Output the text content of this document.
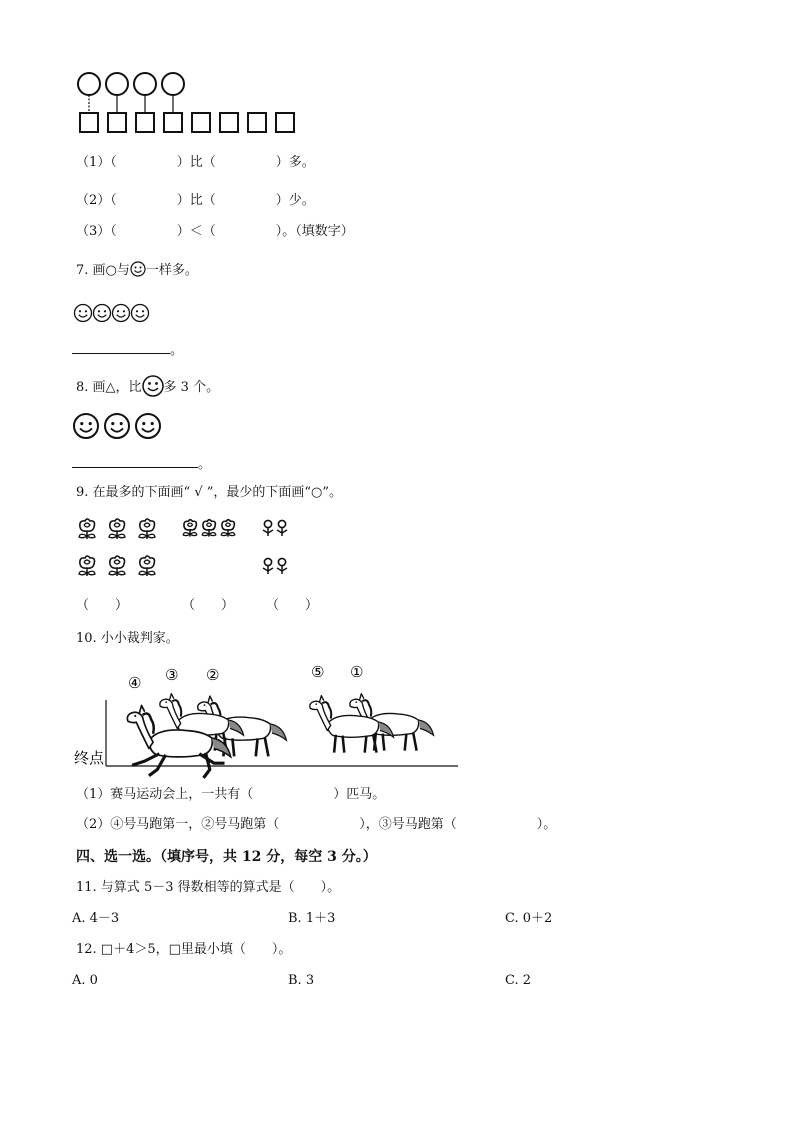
（1）（	）比（	）多。
（2）（	）比（	）少。
（3）（	）＜（	）。（填数字）
7. 画○与 一样多。
。
8. 画△，比 多 3 个。
。
9. 在最多的下面画“ √ ”，最少的下面画“○”。
（　　）	（　　） （　　）
10. 小小裁判家。
④ ③ ②	⑤ ①
终点
（1）赛马运动会上，一共有（	）匹马。
（2）④号马跑第一，②号马跑第（	），③号马跑第（	）。
四、选一选。（填序号，共 12 分，每空 3 分。）
11. 与算式 5－3 得数相等的算式是（　　）。
A. 4－3	B. 1＋3	C. 0＋2
12. □＋4＞5，□里最小填（　　）。
A. 0	B. 3	C. 2
